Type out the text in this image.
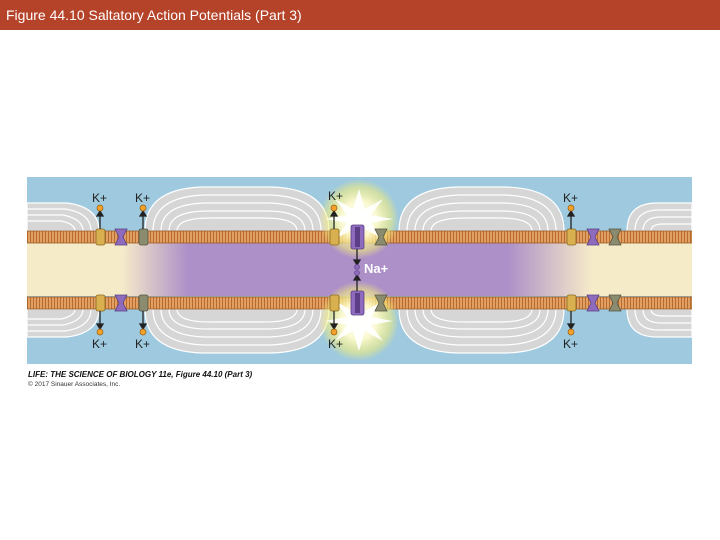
Figure 44.10 Saltatory Action Potentials (Part 3)
K+ K+	K+	K+
K+ K+	K+	K+
Na+
LIFE: THE SCIENCE OF BIOLOGY 11e, Figure 44.10 (Part 3)
© 2017 Sinauer Associates, Inc.
